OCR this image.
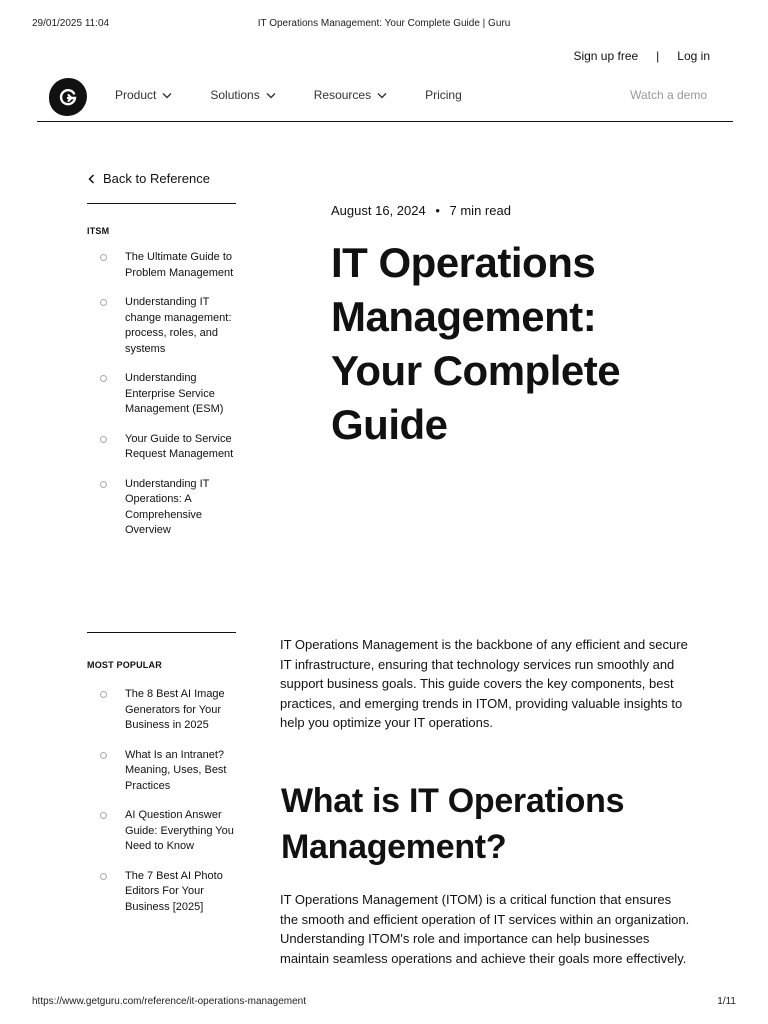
29/01/2025 11:04	IT Operations Management: Your Complete Guide | Guru
Sign up free | Log in
Product	Solutions	Resources	Pricing	Watch a demo
Back to Reference
ITSM
The Ultimate Guide to Problem Management
Understanding IT change management: process, roles, and systems
Understanding Enterprise Service Management (ESM)
Your Guide to Service Request Management
Understanding IT Operations: A Comprehensive Overview
MOST POPULAR
The 8 Best AI Image Generators for Your Business in 2025
What Is an Intranet? Meaning, Uses, Best Practices
AI Question Answer Guide: Everything You Need to Know
The 7 Best AI Photo Editors For Your Business [2025]
August 16, 2024 • 7 min read
IT Operations Management: Your Complete Guide

IT Operations Management is the backbone of any efficient and secure IT infrastructure, ensuring that technology services run smoothly and support business goals. This guide covers the key components, best practices, and emerging trends in ITOM, providing valuable insights to help you optimize your IT operations.

What is IT Operations Management?

IT Operations Management (ITOM) is a critical function that ensures the smooth and efficient operation of IT services within an organization. Understanding ITOM's role and importance can help businesses maintain seamless operations and achieve their goals more effectively.

https://www.getguru.com/reference/it-operations-management	1/11
